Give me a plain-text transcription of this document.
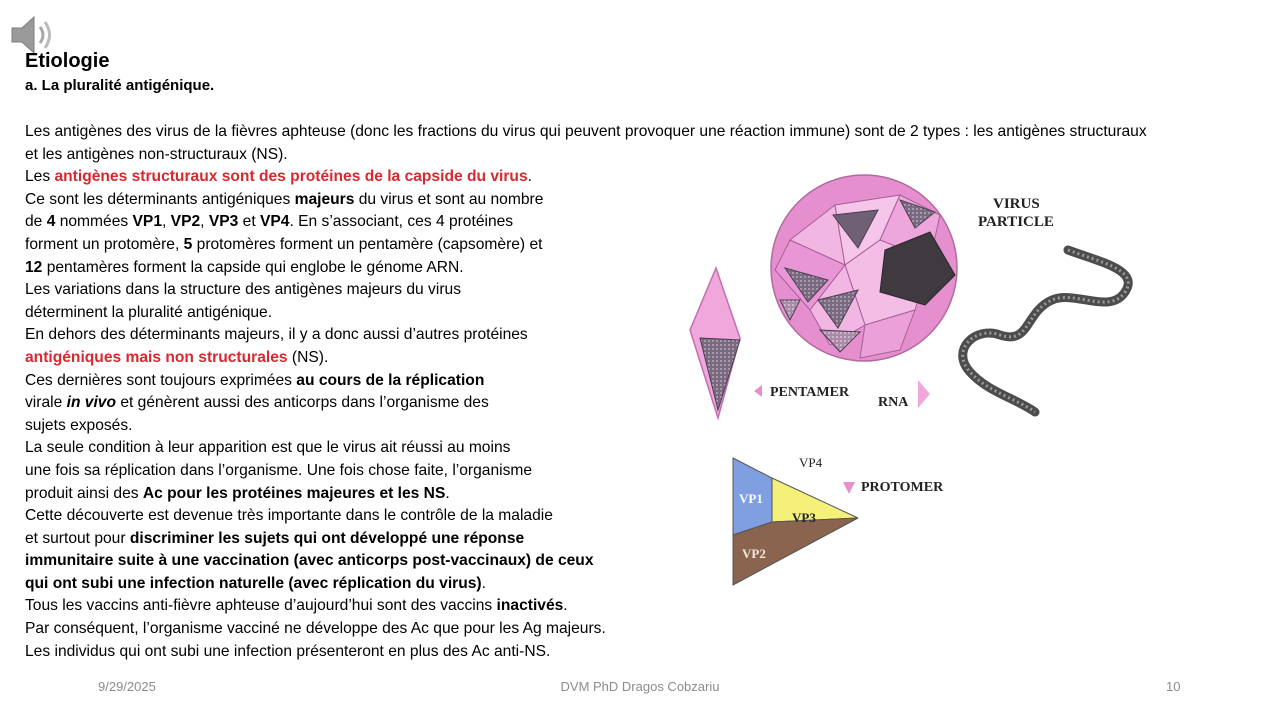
Etiologie
a. La pluralité antigénique.

Les antigènes des virus de la fièvres aphteuse (donc les fractions du virus qui peuvent provoquer une réaction immune) sont de 2 types : les antigènes structuraux

et les antigènes non-structuraux (NS).

Les antigènes structuraux sont des protéines de la capside du virus.

Ce sont les déterminants antigéniques majeurs du virus et sont au nombre

de 4 nommées VP1, VP2, VP3 et VP4. En s’associant, ces 4 protéines

forment un protomère, 5 protomères forment un pentamère (capsomère) et

12 pentamères forment la capside qui englobe le génome ARN.

Les variations dans la structure des antigènes majeurs du virus

déterminent la pluralité antigénique.

En dehors des déterminants majeurs, il y a donc aussi d’autres protéines

antigéniques mais non structurales (NS).

Ces dernières sont toujours exprimées au cours de la réplication

virale in vivo et génèrent aussi des anticorps dans l’organisme des

sujets exposés.

La seule condition à leur apparition est que le virus ait réussi au moins

une fois sa réplication dans l’organisme. Une fois chose faite, l’organisme

produit ainsi des Ac pour les protéines majeures et les NS.

Cette découverte est devenue très importante dans le contrôle de la maladie

et surtout pour discriminer les sujets qui ont développé une réponse

immunitaire suite à une vaccination (avec anticorps post-vaccinaux) de ceux

qui ont subi une infection naturelle (avec réplication du virus).

Tous les vaccins anti-fièvre aphteuse d’aujourd’hui sont des vaccins inactivés.

Par conséquent, l’organisme vacciné ne développe des Ac que pour les Ag majeurs.

Les individus qui ont subi une infection présenteront en plus des Ac anti-NS.

VIRUS
PARTICLE
PENTAMER
RNA
VP1
VP3
VP2
VP4
PROTOMER
9/29/2025	DVM PhD Dragos Cobzariu	10
